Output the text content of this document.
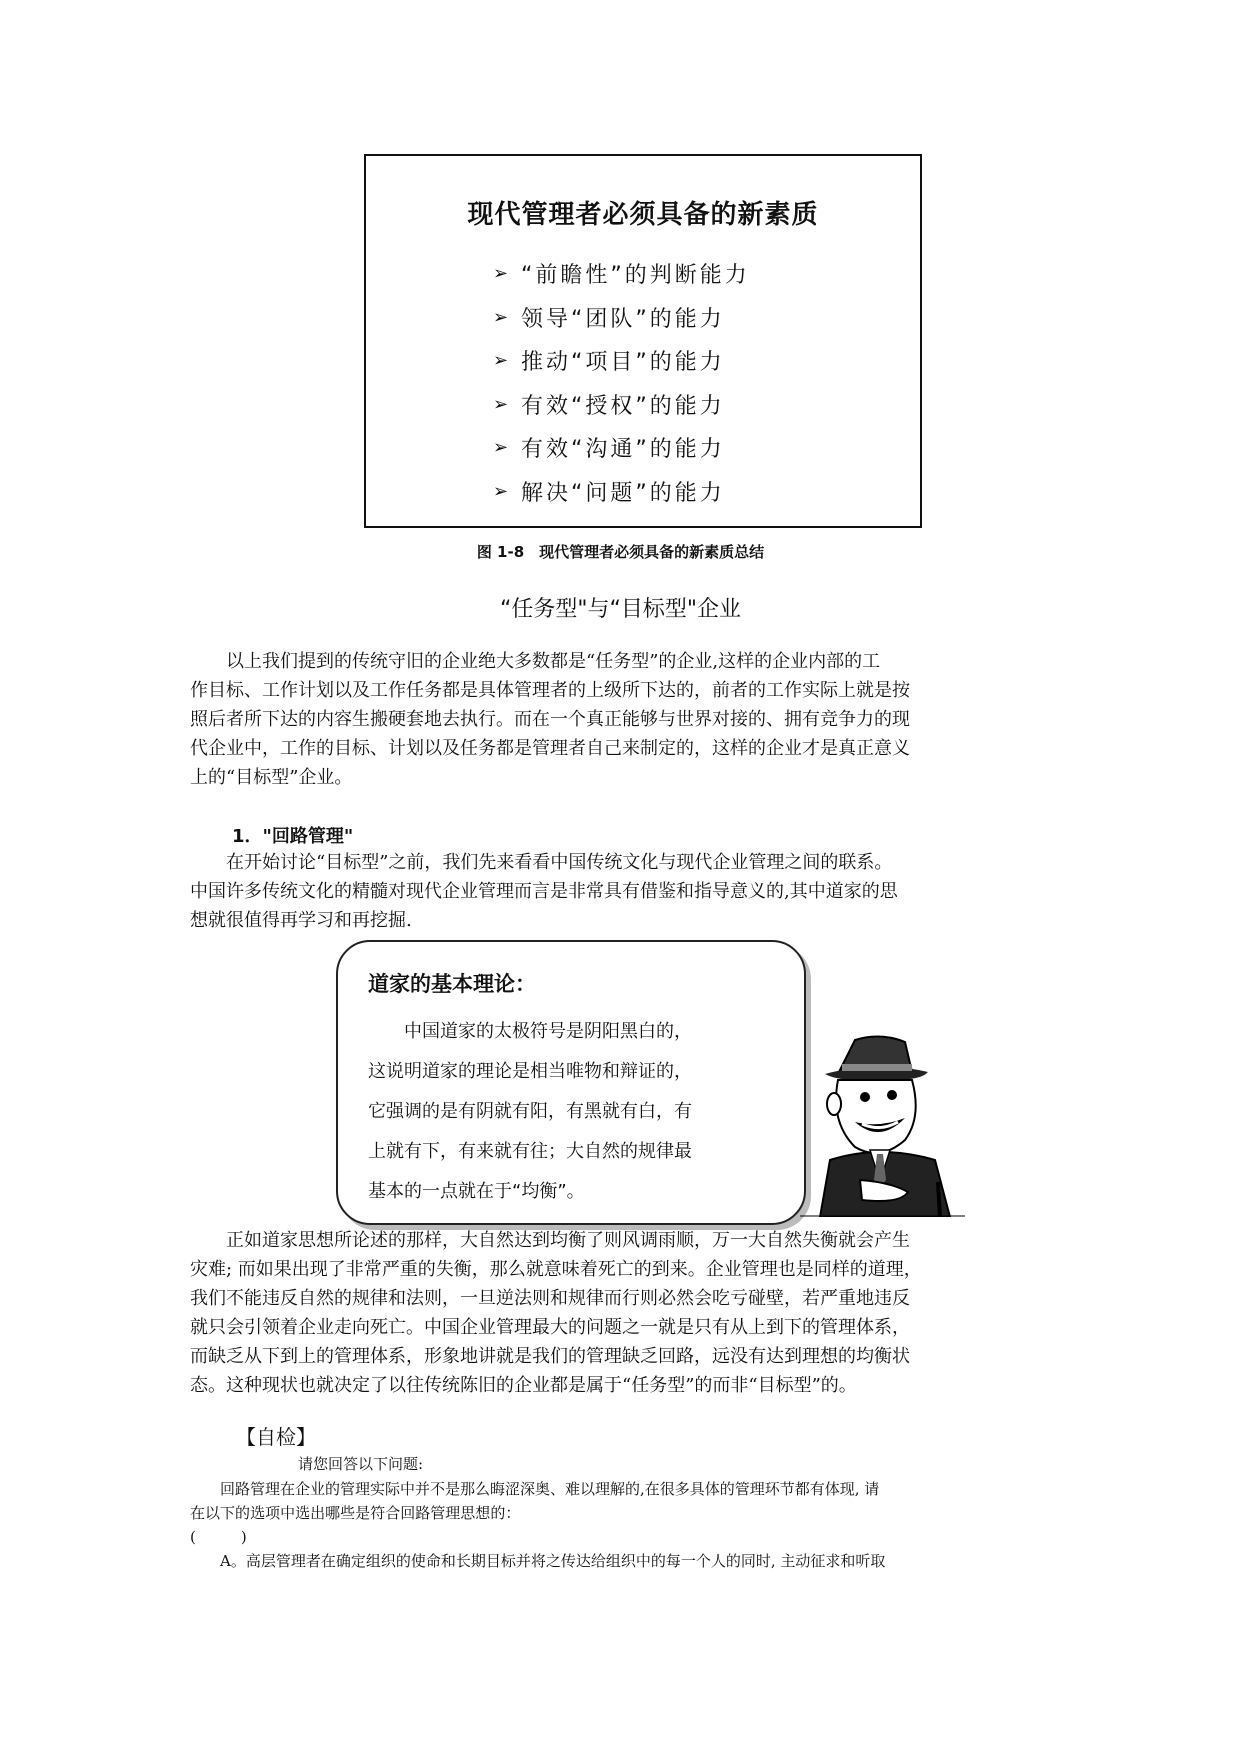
现代管理者必须具备的新素质
➢ “前瞻性”的判断能力
➢ 领导“团队”的能力
➢ 推动“项目”的能力
➢ 有效“授权”的能力
➢ 有效“沟通”的能力
➢ 解决“问题”的能力
图 1-8　现代管理者必须具备的新素质总结
“任务型"与“目标型"企业
　　以上我们提到的传统守旧的企业绝大多数都是“任务型”的企业,这样的企业内部的工
作目标、工作计划以及工作任务都是具体管理者的上级所下达的，前者的工作实际上就是按
照后者所下达的内容生搬硬套地去执行。而在一个真正能够与世界对接的、拥有竞争力的现
代企业中，工作的目标、计划以及任务都是管理者自己来制定的，这样的企业才是真正意义
上的“目标型”企业。
1．"回路管理"
　　在开始讨论“目标型”之前，我们先来看看中国传统文化与现代企业管理之间的联系。
中国许多传统文化的精髓对现代企业管理而言是非常具有借鉴和指导意义的,其中道家的思
想就很值得再学习和再挖掘.
道家的基本理论：
　　中国道家的太极符号是阴阳黑白的，
这说明道家的理论是相当唯物和辩证的，
它强调的是有阴就有阳，有黑就有白，有
上就有下，有来就有往；大自然的规律最
基本的一点就在于“均衡”。
　　正如道家思想所论述的那样，大自然达到均衡了则风调雨顺，万一大自然失衡就会产生
灾难; 而如果出现了非常严重的失衡，那么就意味着死亡的到来。企业管理也是同样的道理，
我们不能违反自然的规律和法则，一旦逆法则和规律而行则必然会吃亏碰壁，若严重地违反
就只会引领着企业走向死亡。中国企业管理最大的问题之一就是只有从上到下的管理体系，
而缺乏从下到上的管理体系，形象地讲就是我们的管理缺乏回路，远没有达到理想的均衡状
态。这种现状也就决定了以往传统陈旧的企业都是属于“任务型”的而非“目标型”的。
【自检】
请您回答以下问题:
　　回路管理在企业的管理实际中并不是那么晦涩深奥、难以理解的,在很多具体的管理环节都有体现, 请
在以下的选项中选出哪些是符合回路管理思想的：
(　　　)
　　A。高层管理者在确定组织的使命和长期目标并将之传达给组织中的每一个人的同时, 主动征求和听取
